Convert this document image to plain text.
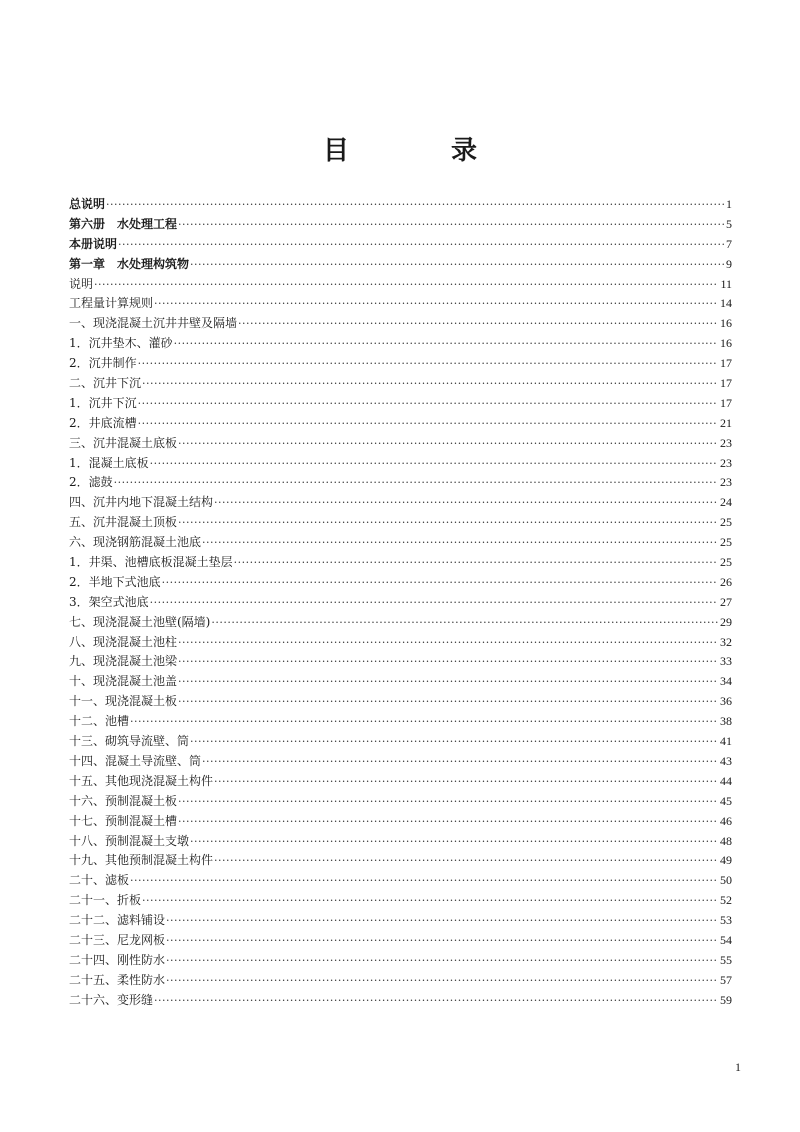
目　录
总说明 ·····	1
第六册　水处理工程 ·····	5
本册说明 ·····	7
第一章　水处理构筑物 ·····	9
说明 ·····	11
工程量计算规则 ·····	14
一、现浇混凝土沉井井壁及隔墙 ·····	16
1．沉井垫木、灌砂 ·····	16
2．沉井制作 ·····	17
二、沉井下沉 ·····	17
1．沉井下沉 ·····	17
2．井底流槽 ·····	21
三、沉井混凝土底板 ·····	23
1．混凝土底板 ·····	23
2．滤鼓 ·····	23
四、沉井内地下混凝土结构 ·····	24
五、沉井混凝土顶板 ·····	25
六、现浇钢筋混凝土池底 ·····	25
1．井渠、池槽底板混凝土垫层 ·····	25
2．半地下式池底 ·····	26
3．架空式池底 ·····	27
七、现浇混凝土池壁(隔墙) ·····	29
八、现浇混凝土池柱 ·····	32
九、现浇混凝土池梁 ·····	33
十、现浇混凝土池盖 ·····	34
十一、现浇混凝土板 ·····	36
十二、池槽 ·····	38
十三、砌筑导流壁、筒 ·····	41
十四、混凝土导流壁、筒 ·····	43
十五、其他现浇混凝土构件 ·····	44
十六、预制混凝土板 ·····	45
十七、预制混凝土槽 ·····	46
十八、预制混凝土支墩 ·····	48
十九、其他预制混凝土构件 ·····	49
二十、滤板 ·····	50
二十一、折板 ·····	52
二十二、滤料铺设 ·····	53
二十三、尼龙网板 ·····	54
二十四、刚性防水 ·····	55
二十五、柔性防水 ·····	57
二十六、变形缝 ·····	59
1
